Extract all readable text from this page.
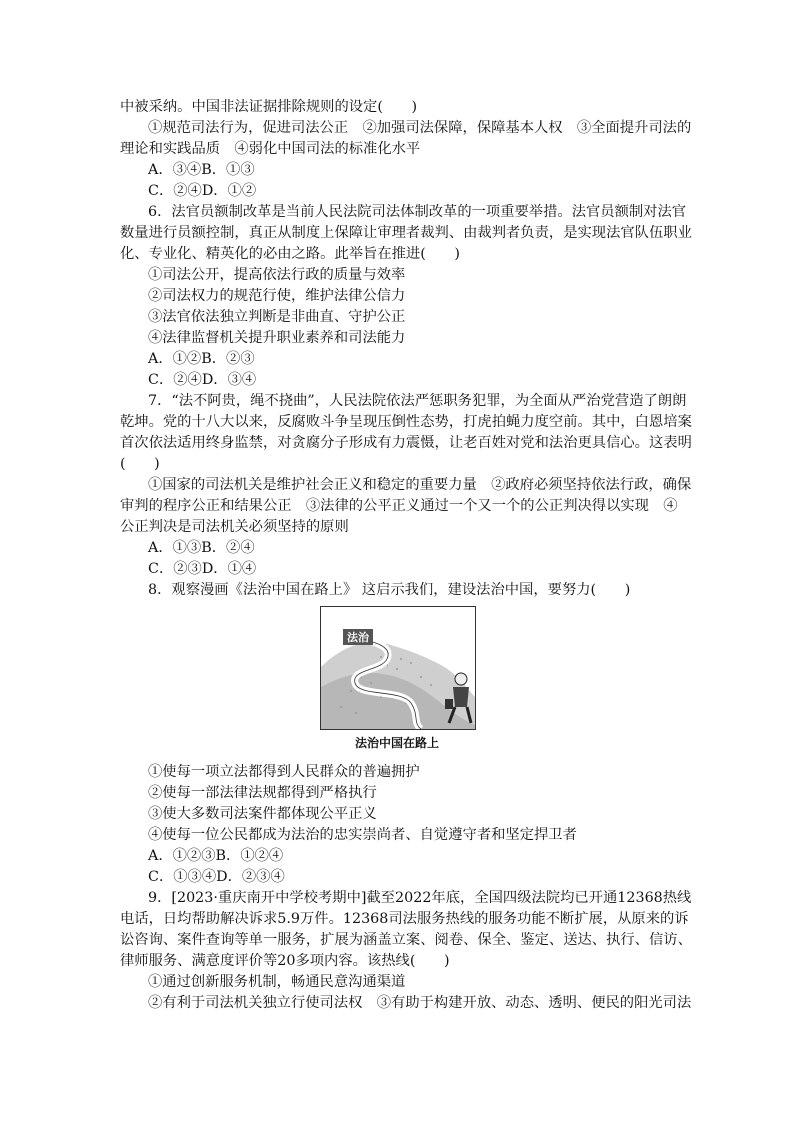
中被采纳。中国非法证据排除规则的设定(　　)
①规范司法行为，促进司法公正　②加强司法保障，保障基本人权　③全面提升司法的
理论和实践品质　④弱化中国司法的标准化水平
A．③④B．①③
C．②④D．①②
6．法官员额制改革是当前人民法院司法体制改革的一项重要举措。法官员额制对法官
数量进行员额控制，真正从制度上保障让审理者裁判、由裁判者负责，是实现法官队伍职业
化、专业化、精英化的必由之路。此举旨在推进(　　)
①司法公开，提高依法行政的质量与效率
②司法权力的规范行使，维护法律公信力
③法官依法独立判断是非曲直、守护公正
④法律监督机关提升职业素养和司法能力
A．①②B．②③
C．②④D．③④
7．“法不阿贵，绳不挠曲”，人民法院依法严惩职务犯罪，为全面从严治党营造了朗朗
乾坤。党的十八大以来，反腐败斗争呈现压倒性态势，打虎拍蝇力度空前。其中，白恩培案
首次依法适用终身监禁，对贪腐分子形成有力震慑，让老百姓对党和法治更具信心。这表明
(　　)
①国家的司法机关是维护社会正义和稳定的重要力量　②政府必须坚持依法行政，确保
审判的程序公正和结果公正　③法律的公平正义通过一个又一个的公正判决得以实现　④
公正判决是司法机关必须坚持的原则
A．①③B．②④
C．②③D．①④
8．观察漫画《法治中国在路上》 这启示我们，建设法治中国，要努力(　　)
法治
法治中国在路上
①使每一项立法都得到人民群众的普遍拥护
②使每一部法律法规都得到严格执行
③使大多数司法案件都体现公平正义
④使每一位公民都成为法治的忠实崇尚者、自觉遵守者和坚定捍卫者
A．①②③B．①②④
C．①③④D．②③④
9．[2023·重庆南开中学校考期中]截至2022年底，全国四级法院均已开通12368热线
电话，日均帮助解决诉求5.9万件。12368司法服务热线的服务功能不断扩展，从原来的诉
讼咨询、案件查询等单一服务，扩展为涵盖立案、阅卷、保全、鉴定、送达、执行、信访、
律师服务、满意度评价等20多项内容。该热线(　　)
①通过创新服务机制，畅通民意沟通渠道
②有利于司法机关独立行使司法权　③有助于构建开放、动态、透明、便民的阳光司法
